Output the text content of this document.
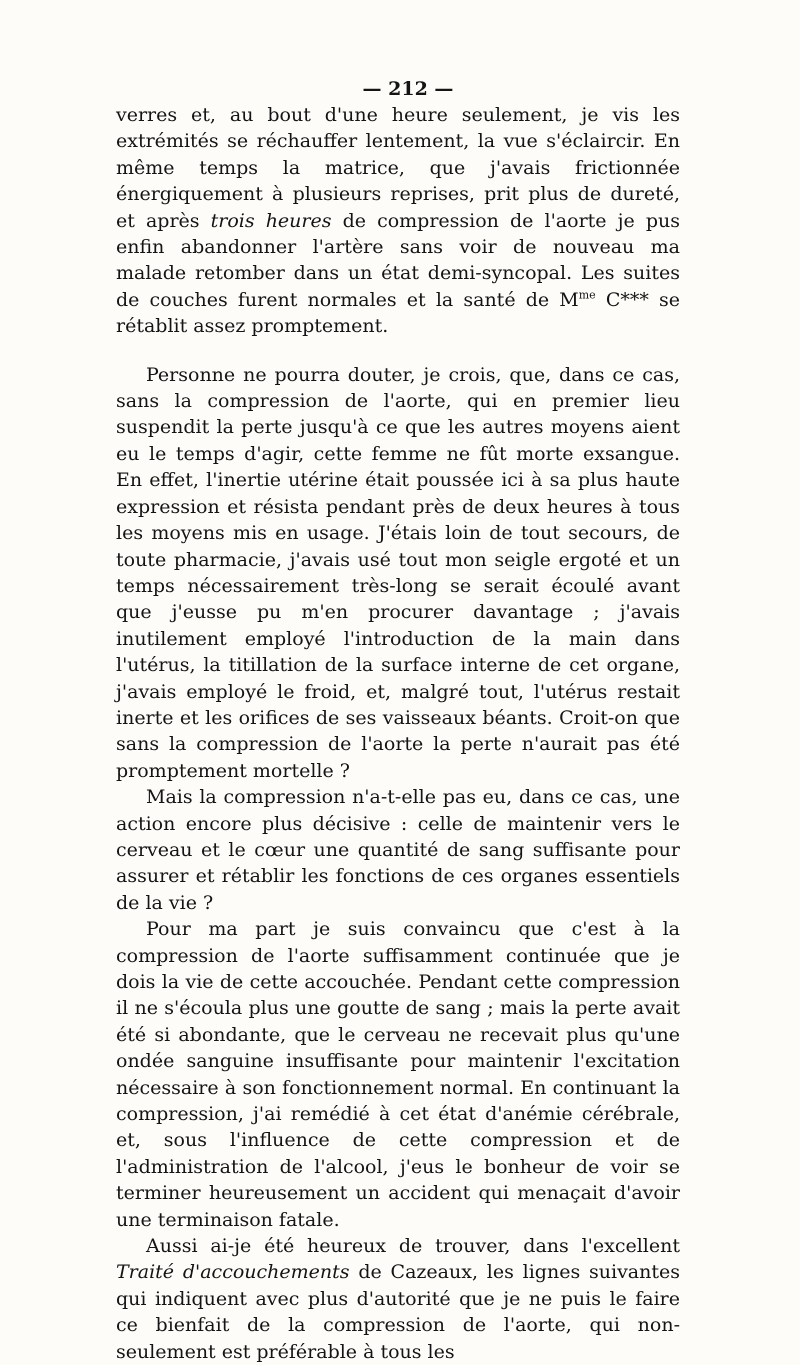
— 212 —

verres et, au bout d'une heure seulement, je vis les extrémités se réchauffer lentement, la vue s'éclaircir. En même temps la matrice, que j'avais frictionnée énergiquement à plusieurs reprises, prit plus de dureté, et après trois heures de compression de l'aorte je pus enfin abandonner l'artère sans voir de nouveau ma malade retomber dans un état demi-syncopal. Les suites de couches furent normales et la santé de $M^{me}$ C*** se rétablit assez promptement.

Personne ne pourra douter, je crois, que, dans ce cas, sans la compression de l'aorte, qui en premier lieu suspendit la perte jusqu'à ce que les autres moyens aient eu le temps d'agir, cette femme ne fût morte exsangue. En effet, l'inertie utérine était poussée ici à sa plus haute expression et résista pendant près de deux heures à tous les moyens mis en usage. J'étais loin de tout secours, de toute pharmacie, j'avais usé tout mon seigle ergoté et un temps nécessairement très-long se serait écoulé avant que j'eusse pu m'en procurer davantage ; j'avais inutilement employé l'introduction de la main dans l'utérus, la titillation de la surface interne de cet organe, j'avais employé le froid, et, malgré tout, l'utérus restait inerte et les orifices de ses vaisseaux béants. Croit-on que sans la compression de l'aorte la perte n'aurait pas été promptement mortelle ?

Mais la compression n'a-t-elle pas eu, dans ce cas, une action encore plus décisive : celle de maintenir vers le cerveau et le cœur une quantité de sang suffisante pour assurer et rétablir les fonctions de ces organes essentiels de la vie ?

Pour ma part je suis convaincu que c'est à la compression de l'aorte suffisamment continuée que je dois la vie de cette accouchée. Pendant cette compression il ne s'écoula plus une goutte de sang ; mais la perte avait été si abondante, que le cerveau ne recevait plus qu'une ondée sanguine insuffisante pour maintenir l'excitation nécessaire à son fonctionnement normal. En continuant la compression, j'ai remédié à cet état d'anémie cérébrale, et, sous l'influence de cette compression et de l'administration de l'alcool, j'eus le bonheur de voir se terminer heureusement un accident qui menaçait d'avoir une terminaison fatale.

Aussi ai-je été heureux de trouver, dans l'excellent Traité d'accouchements de Cazeaux, les lignes suivantes qui indiquent avec plus d'autorité que je ne puis le faire ce bienfait de la compression de l'aorte, qui non-seulement est préférable à tous les
